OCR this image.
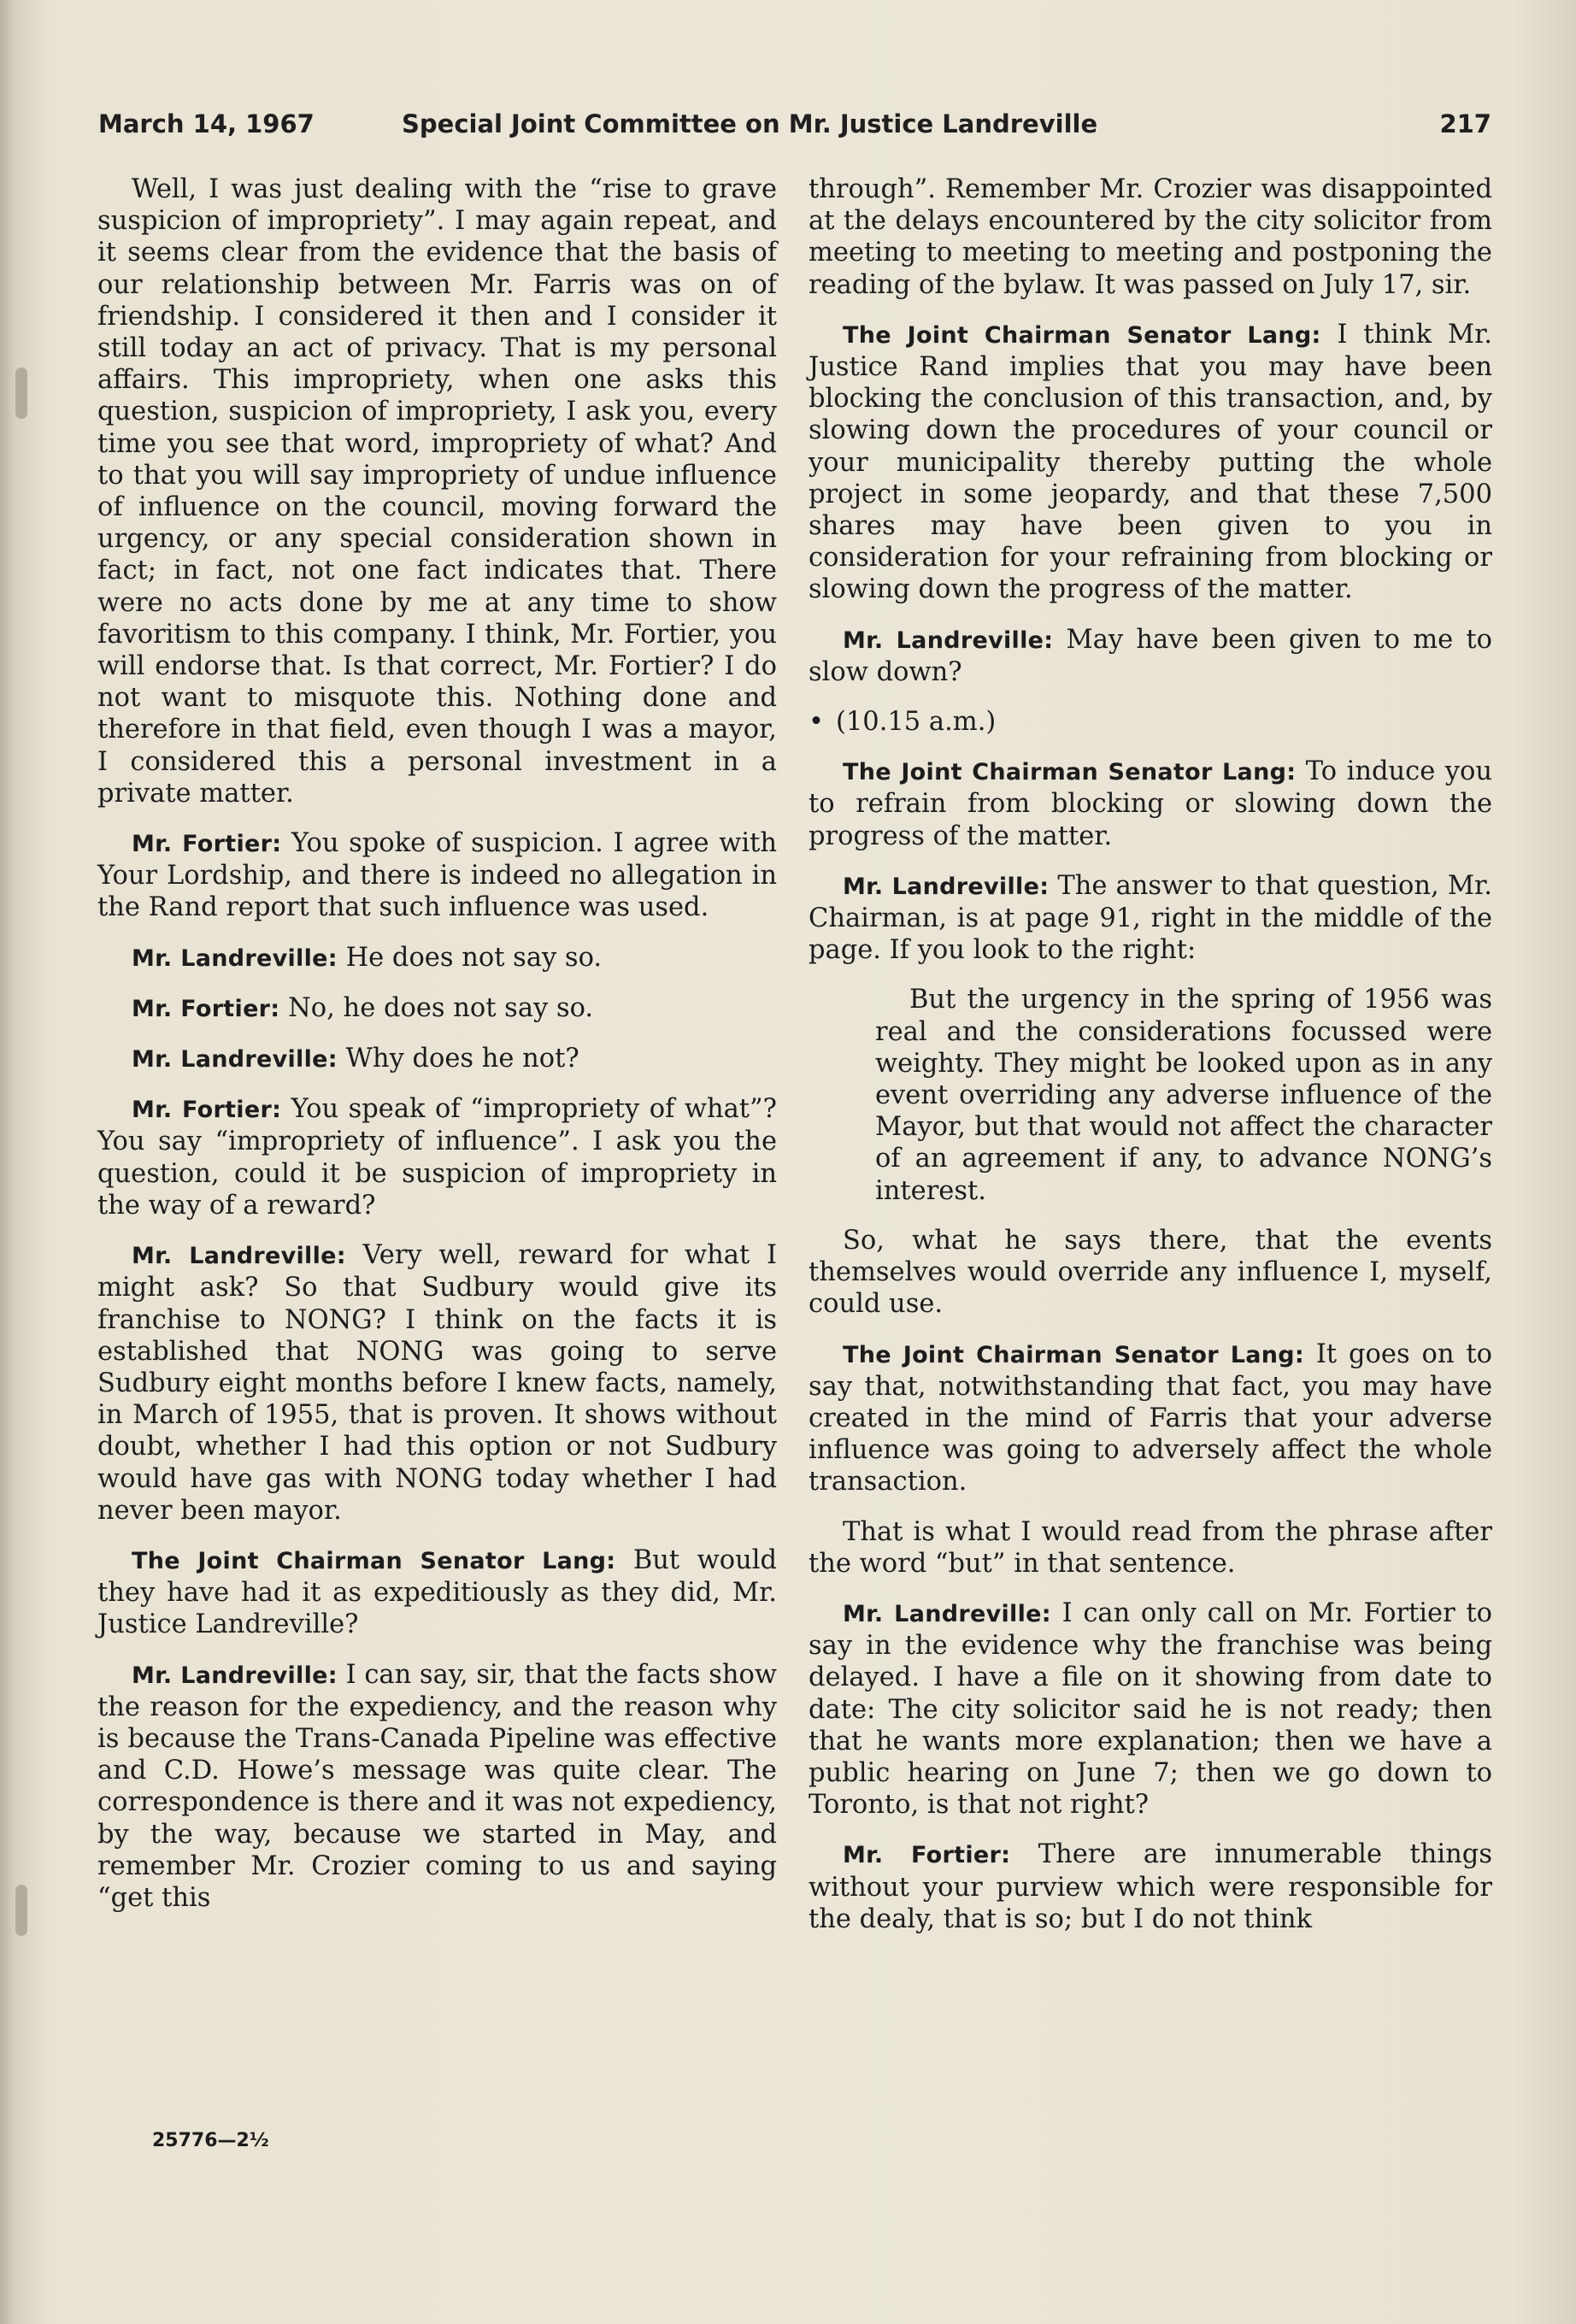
March 14, 1967	Special Joint Committee on Mr. Justice Landreville	217

Well, I was just dealing with the “rise to grave suspicion of impropriety”. I may again repeat, and it seems clear from the evidence that the basis of our relationship between Mr. Farris was on of friendship. I considered it then and I consider it still today an act of privacy. That is my personal affairs. This impropriety, when one asks this question, suspicion of impropriety, I ask you, every time you see that word, impropriety of what? And to that you will say impropriety of undue influence of influence on the council, moving forward the urgency, or any special consideration shown in fact; in fact, not one fact indicates that. There were no acts done by me at any time to show favoritism to this company. I think, Mr. Fortier, you will endorse that. Is that correct, Mr. Fortier? I do not want to misquote this. Nothing done and therefore in that field, even though I was a mayor, I considered this a personal investment in a private matter.

Mr. Fortier: You spoke of suspicion. I agree with Your Lordship, and there is indeed no allegation in the Rand report that such influence was used.

Mr. Landreville: He does not say so.

Mr. Fortier: No, he does not say so.

Mr. Landreville: Why does he not?

Mr. Fortier: You speak of “impropriety of what”? You say “impropriety of influence”. I ask you the question, could it be suspicion of impropriety in the way of a reward?

Mr. Landreville: Very well, reward for what I might ask? So that Sudbury would give its franchise to NONG? I think on the facts it is established that NONG was going to serve Sudbury eight months before I knew facts, namely, in March of 1955, that is proven. It shows without doubt, whether I had this option or not Sudbury would have gas with NONG today whether I had never been mayor.

The Joint Chairman Senator Lang: But would they have had it as expeditiously as they did, Mr. Justice Landreville?

Mr. Landreville: I can say, sir, that the facts show the reason for the expediency, and the reason why is because the Trans-Canada Pipeline was effective and C.D. Howe’s message was quite clear. The correspondence is there and it was not expediency, by the way, because we started in May, and remember Mr. Crozier coming to us and saying “get this

25776—2½

through”. Remember Mr. Crozier was disappointed at the delays encountered by the city solicitor from meeting to meeting to meeting and postponing the reading of the bylaw. It was passed on July 17, sir.

The Joint Chairman Senator Lang: I think Mr. Justice Rand implies that you may have been blocking the conclusion of this transaction, and, by slowing down the procedures of your council or your municipality thereby putting the whole project in some jeopardy, and that these 7,500 shares may have been given to you in consideration for your refraining from blocking or slowing down the progress of the matter.

Mr. Landreville: May have been given to me to slow down?

• (10.15 a.m.)

The Joint Chairman Senator Lang: To induce you to refrain from blocking or slowing down the progress of the matter.

Mr. Landreville: The answer to that question, Mr. Chairman, is at page 91, right in the middle of the page. If you look to the right:

But the urgency in the spring of 1956 was real and the considerations focussed were weighty. They might be looked upon as in any event overriding any adverse influence of the Mayor, but that would not affect the character of an agreement if any, to advance NONG’s interest.

So, what he says there, that the events themselves would override any influence I, myself, could use.

The Joint Chairman Senator Lang: It goes on to say that, notwithstanding that fact, you may have created in the mind of Farris that your adverse influence was going to adversely affect the whole transaction.

That is what I would read from the phrase after the word “but” in that sentence.

Mr. Landreville: I can only call on Mr. Fortier to say in the evidence why the franchise was being delayed. I have a file on it showing from date to date: The city solicitor said he is not ready; then that he wants more explanation; then we have a public hearing on June 7; then we go down to Toronto, is that not right?

Mr. Fortier: There are innumerable things without your purview which were responsible for the dealy, that is so; but I do not think
